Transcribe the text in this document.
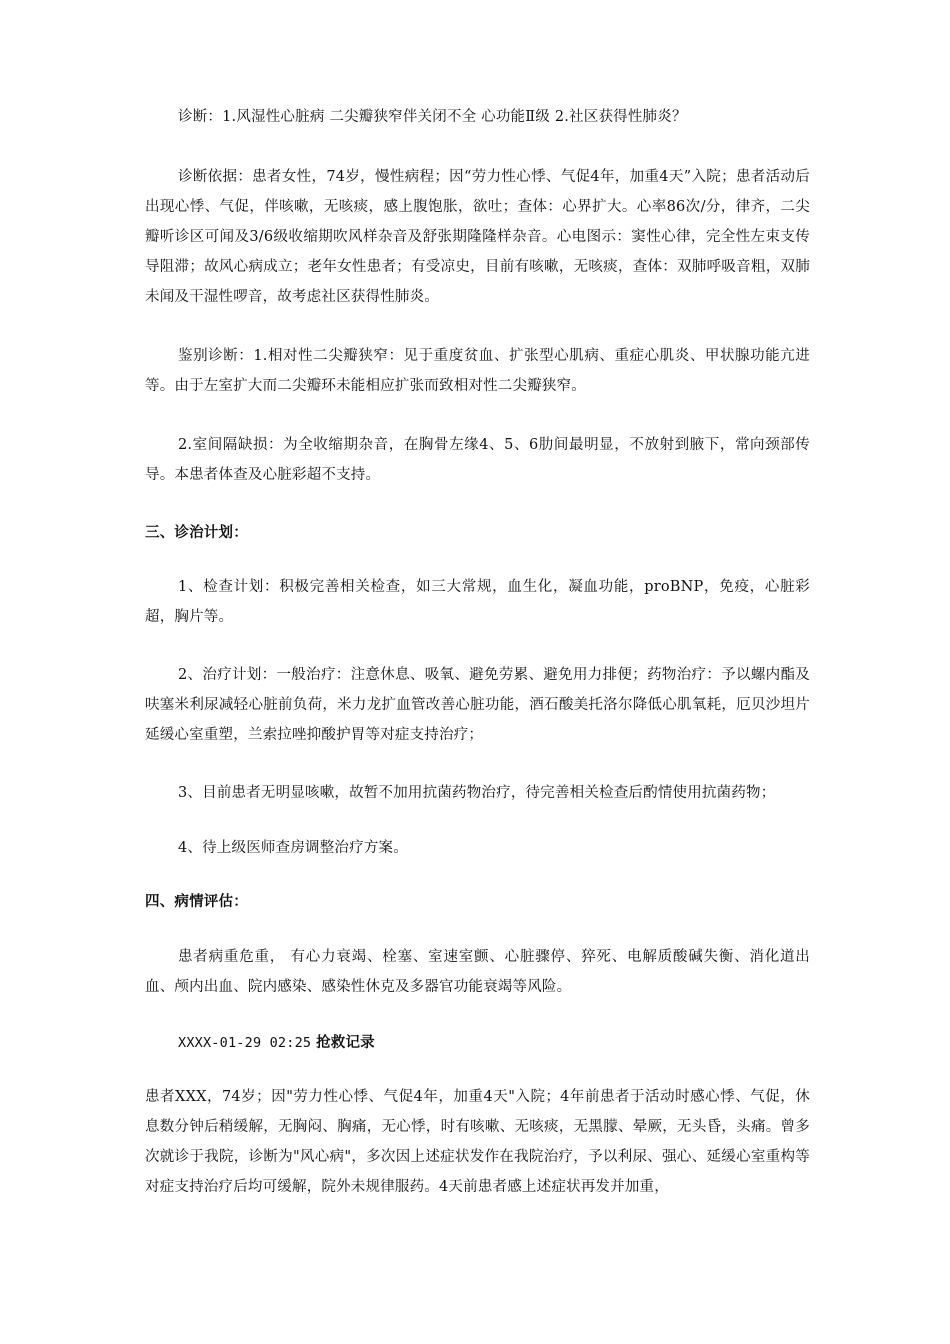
诊断：1.风湿性心脏病 二尖瓣狭窄伴关闭不全 心功能Ⅱ级 2.社区获得性肺炎？

诊断依据：患者女性，74岁，慢性病程；因“劳力性心悸、气促4年，加重4天”入院；患者活动后出现心悸、气促，伴咳嗽，无咳痰，感上腹饱胀，欲吐；查体：心界扩大。心率86次/分，律齐，二尖瓣听诊区可闻及3/6级收缩期吹风样杂音及舒张期隆隆样杂音。心电图示：窦性心律，完全性左束支传导阻滞；故风心病成立；老年女性患者；有受凉史，目前有咳嗽，无咳痰，查体：双肺呼吸音粗，双肺未闻及干湿性啰音，故考虑社区获得性肺炎。

鉴别诊断：1.相对性二尖瓣狭窄：见于重度贫血、扩张型心肌病、重症心肌炎、甲状腺功能亢进等。由于左室扩大而二尖瓣环未能相应扩张而致相对性二尖瓣狭窄。

2.室间隔缺损：为全收缩期杂音，在胸骨左缘4、5、6肋间最明显，不放射到腋下，常向颈部传导。本患者体查及心脏彩超不支持。

三、诊治计划：

1、检查计划：积极完善相关检查，如三大常规，血生化，凝血功能，proBNP，免疫，心脏彩超，胸片等。

2、治疗计划：一般治疗：注意休息、吸氧、避免劳累、避免用力排便；药物治疗：予以螺内酯及呋塞米利尿减轻心脏前负荷，米力龙扩血管改善心脏功能，酒石酸美托洛尔降低心肌氧耗，厄贝沙坦片延缓心室重塑，兰索拉唑抑酸护胃等对症支持治疗；

3、目前患者无明显咳嗽，故暂不加用抗菌药物治疗，待完善相关检查后酌情使用抗菌药物；

4、待上级医师查房调整治疗方案。

四、病情评估：

患者病重危重， 有心力衰竭、栓塞、室速室颤、心脏骤停、猝死、电解质酸碱失衡、消化道出血、颅内出血、院内感染、感染性休克及多器官功能衰竭等风险。

XXXX-01-29 02:25 抢救记录

患者XXX，74岁；因"劳力性心悸、气促4年，加重4天"入院；4年前患者于活动时感心悸、气促，休息数分钟后稍缓解，无胸闷、胸痛，无心悸，时有咳嗽、无咳痰，无黑朦、晕厥，无头昏，头痛。曾多次就诊于我院，诊断为"风心病"，多次因上述症状发作在我院治疗，予以利尿、强心、延缓心室重构等对症支持治疗后均可缓解，院外未规律服药。4天前患者感上述症状再发并加重，
